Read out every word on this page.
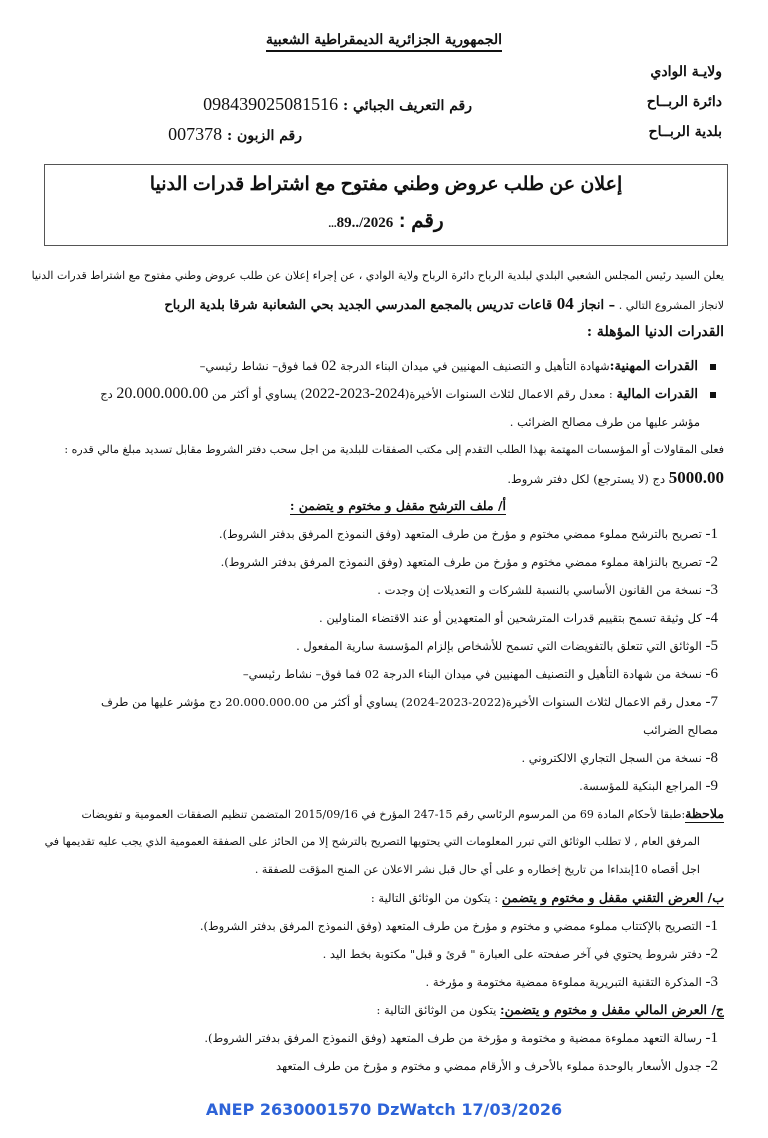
الجمهورية الجزائرية الديمقراطية الشعبية
ولايـة الوادي
دائرة الربــاح
رقم التعريف الجبائي : 098439025081516
بلدية الربــاح
رقم الزبون : 007378
إعلان عن طلب عروض وطني مفتوح مع اشتراط قدرات الدنيا
رقم : ...89../2026
يعلن السيد رئيس المجلس الشعبي البلدي لبلدية الرباح دائرة الرباح ولاية الوادي ، عن إجراء إعلان عن طلب عروض وطني مفتوح مع اشتراط قدرات الدنيا
لانجاز المشروع التالي . – انجاز 04 قاعات تدريس بالمجمع المدرسي الجديد بحي الشعانبة شرقا بلدية الرباح
القدرات الدنيا المؤهلة :
القدرات المهنية:شهادة التأهيل و التصنيف المهنيين في ميدان البناء الدرجة 02 فما فوق– نشاط رئيسي–
القدرات المالية : معدل رقم الاعمال لثلاث السنوات الأخيرة(2022-2023-2024) يساوي أو أكثر من 20.000.000.00 دج
مؤشر عليها من طرف مصالح الضرائب .
فعلى المقاولات أو المؤسسات المهتمة بهذا الطلب التقدم إلى مكتب الصفقات للبلدية من اجل سحب دفتر الشروط مقابل تسديد مبلغ مالي قدره :
5000.00 دج (لا يسترجع) لكل دفتر شروط.
أ/ ملف الترشح مقفل و مختوم و يتضمن :
1- تصريح بالترشح مملوء ممضي مختوم و مؤرخ من طرف المتعهد (وفق النموذج المرفق بدفتر الشروط).
2- تصريح بالنزاهة مملوء ممضي مختوم و مؤرخ من طرف المتعهد (وفق النموذج المرفق بدفتر الشروط).
3- نسخة من القانون الأساسي بالنسبة للشركات و التعديلات إن وجدت .
4- كل وثيقة تسمح بتقييم قدرات المترشحين أو المتعهدين أو عند الاقتضاء المناولين .
5- الوثائق التي تتعلق بالتفويضات التي تسمح للأشخاص بإلزام المؤسسة سارية المفعول .
6- نسخة من شهادة التأهيل و التصنيف المهنيين في ميدان البناء الدرجة 02 فما فوق– نشاط رئيسي–
7- معدل رقم الاعمال لثلاث السنوات الأخيرة(2022-2023-2024) يساوي أو أكثر من 20.000.000.00 دج مؤشر عليها من طرف
مصالح الضرائب
8- نسخة من السجل التجاري الالكتروني .
9- المراجع البنكية للمؤسسة.
ملاحظة:طبقا لأحكام المادة 69 من المرسوم الرئاسي رقم 15-247 المؤرخ في 2015/09/16 المتضمن تنظيم الصفقات العمومية و تفويضات
المرفق العام , لا تطلب الوثائق التي تبرر المعلومات التي يحتويها التصريح بالترشح إلا من الحائز على الصفقة العمومية الذي يجب عليه تقديمها في
اجل أقصاه 10إبتداءا من تاريخ إخطاره و على أي حال قبل نشر الاعلان عن المنح المؤقت للصفقة .
ب/ العرض التقني مقفل و مختوم و يتضمن : يتكون من الوثائق التالية :
1- التصريح بالإكتتاب مملوء ممضي و مختوم و مؤرخ من طرف المتعهد (وفق النموذج المرفق بدفتر الشروط).
2- دفتر شروط يحتوي في آخر صفحته على العبارة " قرئ و قبل" مكتوبة بخط اليد .
3- المذكرة التقنية التبريرية مملوءة ممضية مختومة و مؤرخة .
ج/ العرض المالي مقفل و مختوم و يتضمن: يتكون من الوثائق التالية :
1- رسالة التعهد مملوءة ممضية و مختومة و مؤرخة من طرف المتعهد (وفق النموذج المرفق بدفتر الشروط).
2- جدول الأسعار بالوحدة مملوء بالأحرف و الأرقام ممضي و مختوم و مؤرخ من طرف المتعهد
ANEP 2630001570 DzWatch 17/03/2026
